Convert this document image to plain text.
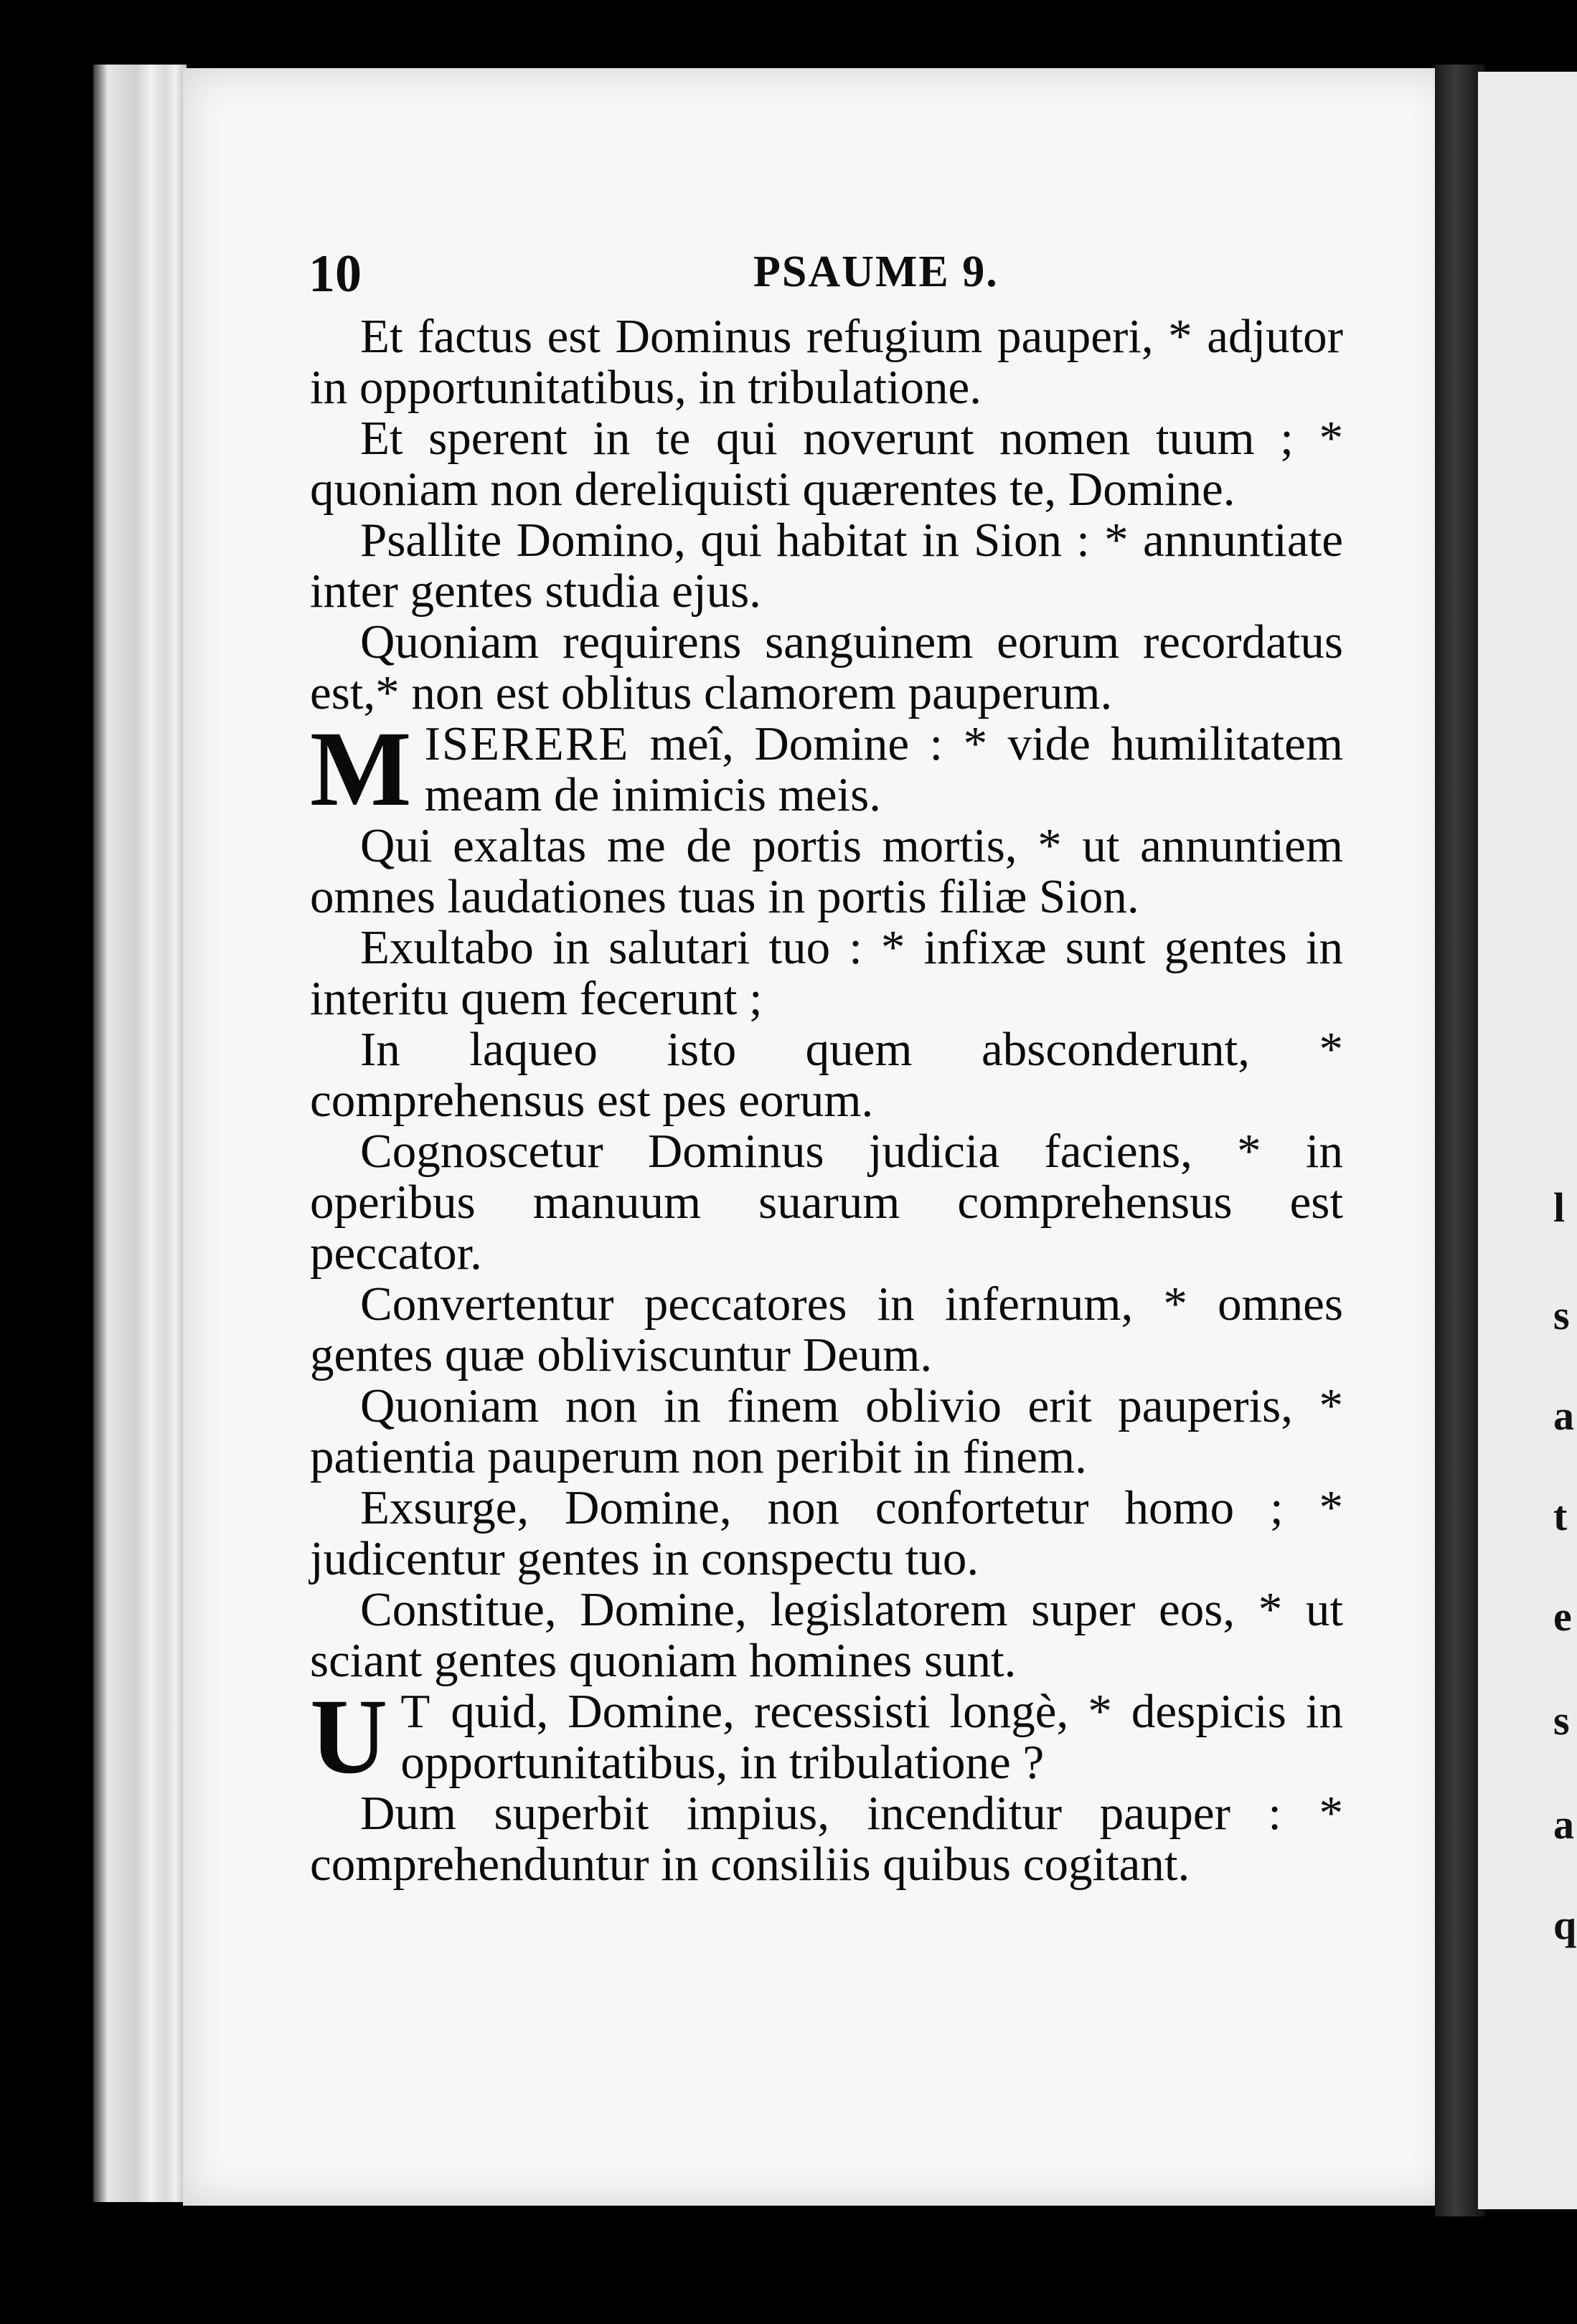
l
s
a
t
e
s
a
q
10	PSAUME 9.

Et factus est Dominus refugium pauperi, * adjutor in opportunitatibus, in tribulatione.

Et sperent in te qui noverunt nomen tuum ; * quoniam non dereliquisti quærentes te, Domine.

Psallite Domino, qui habitat in Sion : * annuntiate inter gentes studia ejus.

Quoniam requirens sanguinem eorum recordatus est,* non est oblitus clamorem pauperum.

MISERERE meî, Domine : * vide humilitatem meam de inimicis meis.

Qui exaltas me de portis mortis, * ut annuntiem omnes laudationes tuas in portis filiæ Sion.

Exultabo in salutari tuo : * infixæ sunt gentes in interitu quem fecerunt ;

In laqueo isto quem absconderunt, * comprehensus est pes eorum.

Cognoscetur Dominus judicia faciens, * in operibus manuum suarum comprehensus est peccator.

Convertentur peccatores in infernum, * omnes gentes quæ obliviscuntur Deum.

Quoniam non in finem oblivio erit pauperis, * patientia pauperum non peribit in finem.

Exsurge, Domine, non confortetur homo ; * judicentur gentes in conspectu tuo.

Constitue, Domine, legislatorem super eos, * ut sciant gentes quoniam homines sunt.

U T quid, Domine, recessisti longè, * despicis in opportunitatibus, in tribulatione ?

Dum superbit impius, incenditur pauper : * comprehenduntur in consiliis quibus cogitant.
